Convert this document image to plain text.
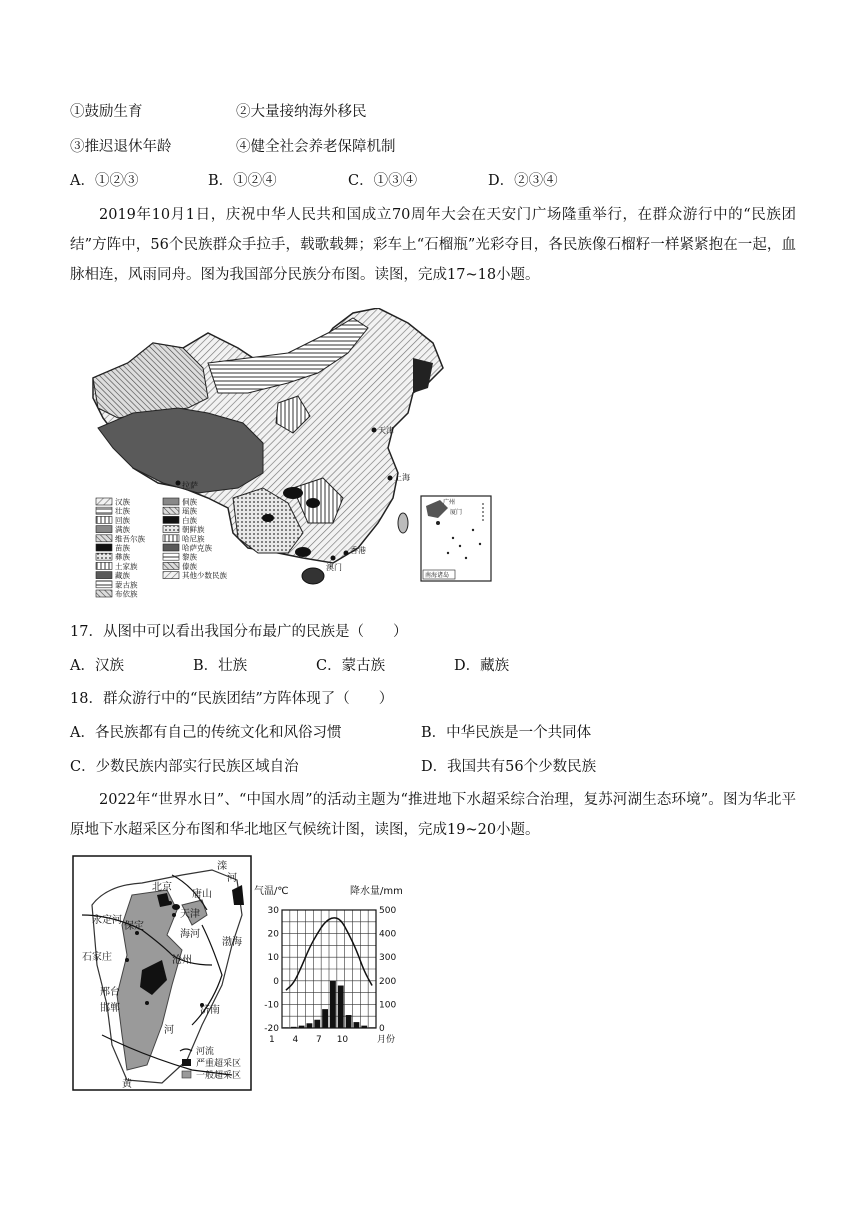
①鼓励生育	②大量接纳海外移民
③推迟退休年龄	④健全社会养老保障机制
A．①②③	B．①②④	C．①③④	D．②③④
2019年10月1日，庆祝中华人民共和国成立70周年大会在天安门广场隆重举行，在群众游行中的“民族团结”方阵中，56个民族群众手拉手，载歌载舞；彩车上“石榴瓶”光彩夺目，各民族像石榴籽一样紧紧抱在一起，血脉相连，风雨同舟。图为我国部分民族分布图。读图，完成17~18小题。
拉萨
天津
上海
香港
澳门
汉族
壮族
回族
满族
维吾尔族
苗族
彝族
土家族
藏族
蒙古族
布依族
侗族
瑶族
白族
朝鲜族
哈尼族
哈萨克族
黎族
傣族
其他少数民族
广州
厦门
南海诸岛
17．从图中可以看出我国分布最广的民族是（　　）
A．汉族	B．壮族	C．蒙古族	D．藏族
18．群众游行中的“民族团结”方阵体现了（　　）
A．各民族都有自己的传统文化和风俗习惯	B．中华民族是一个共同体
C．少数民族内部实行民族区域自治	D．我国共有56个少数民族
2022年“世界水日”、“中国水周”的活动主题为“推进地下水超采综合治理，复苏河湖生态环境”。图为华北平原地下水超采区分布图和华北地区气候统计图，读图，完成19~20小题。
北京
滦
河
唐山
永定河
保定
天津
海河
渤海
石家庄	沧州
邢台
邯郸	济南
河
黄
河流
严重超采区
一般超采区
气温/℃	降水量/mm
30
20
10
0
-10
-20
500
400
300
200
100
0
1 4 7 10	月份
